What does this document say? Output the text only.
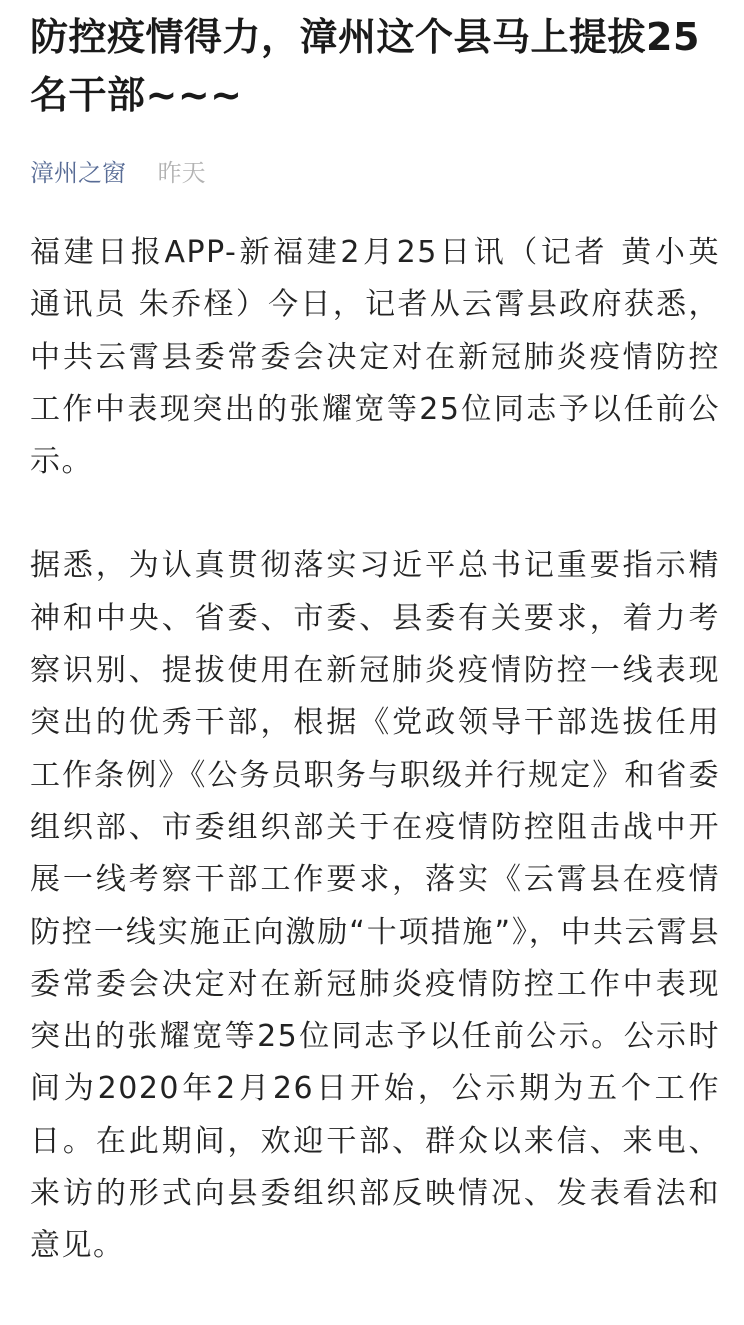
防控疫情得力，漳州这个县马上提拔25名干部~~~
漳州之窗 昨天

福建日报APP-新福建2月25日讯（记者 黄小英 通讯员 朱乔柽）今日，记者从云霄县政府获悉，中共云霄县委常委会决定对在新冠肺炎疫情防控工作中表现突出的张耀宽等25位同志予以任前公示。

据悉，为认真贯彻落实习近平总书记重要指示精神和中央、省委、市委、县委有关要求，着力考察识别、提拔使用在新冠肺炎疫情防控一线表现突出的优秀干部，根据《党政领导干部选拔任用工作条例》《公务员职务与职级并行规定》和省委组织部、市委组织部关于在疫情防控阻击战中开展一线考察干部工作要求，落实《云霄县在疫情防控一线实施正向激励“十项措施”》，中共云霄县委常委会决定对在新冠肺炎疫情防控工作中表现突出的张耀宽等25位同志予以任前公示。公示时间为2020年2月26日开始，公示期为五个工作日。在此期间，欢迎干部、群众以来信、来电、来访的形式向县委组织部反映情况、发表看法和意见。
